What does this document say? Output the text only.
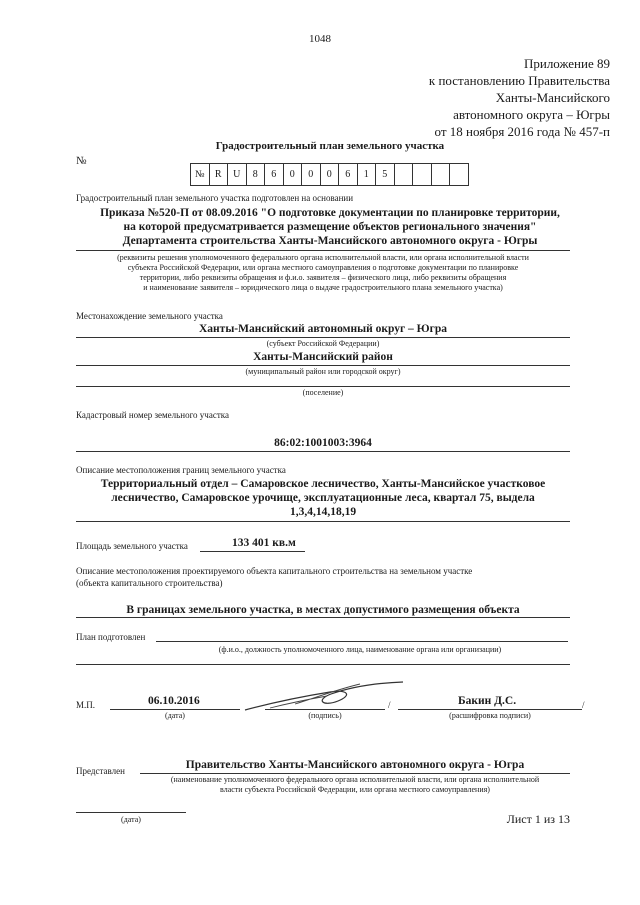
1048
Приложение 89
к постановлению Правительства
Ханты-Мансийского
автономного округа – Югры
от 18 ноября 2016 года № 457-п
Градостроительный план земельного участка
№
№	R	U	8	6	0	0	0	6	1	5
Градостроительный план земельного участка подготовлен на основании
Приказа №520-П от 08.09.2016 "О подготовке документации по планировке территории,
на которой предусматривается размещение объектов регионального значения"
Департамента строительства Ханты-Мансийского автономного округа - Югры
(реквизиты решения уполномоченного федерального органа исполнительной власти, или органа исполнительной власти
субъекта Российской Федерации, или органа местного самоуправления о подготовке документации по планировке
территории, либо реквизиты обращения и ф.и.о. заявителя – физического лица, либо реквизиты обращения
и наименование заявителя – юридического лица о выдаче градостроительного плана земельного участка)
Местонахождение земельного участка
Ханты-Мансийский автономный округ – Югра
(субъект Российской Федерации)
Ханты-Мансийский район
(муниципальный район или городской округ)
(поселение)
Кадастровый номер земельного участка
86:02:1001003:3964
Описание местоположения границ земельного участка
Территориальный отдел – Самаровское лесничество, Ханты-Мансийское участковое
лесничество, Самаровское урочище, эксплуатационные леса, квартал 75, выдела
1,3,4,14,18,19
Площадь земельного участка	133 401 кв.м
Описание местоположения проектируемого объекта капитального строительства на земельном участке
(объекта капитального строительства)
В границах земельного участка, в местах допустимого размещения объекта
План подготовлен
(ф.и.о., должность уполномоченного лица, наименование органа или организации)
М.П.	06.10.2016
(дата)	(подпись)
/	Бакин Д.С.	/
(расшифровка подписи)
Представлен	Правительство Ханты-Мансийского автономного округа - Югра
(наименование уполномоченного федерального органа исполнительной власти, или органа исполнительной
власти субъекта Российской Федерации, или органа местного самоуправления)
(дата)	Лист 1 из 13
